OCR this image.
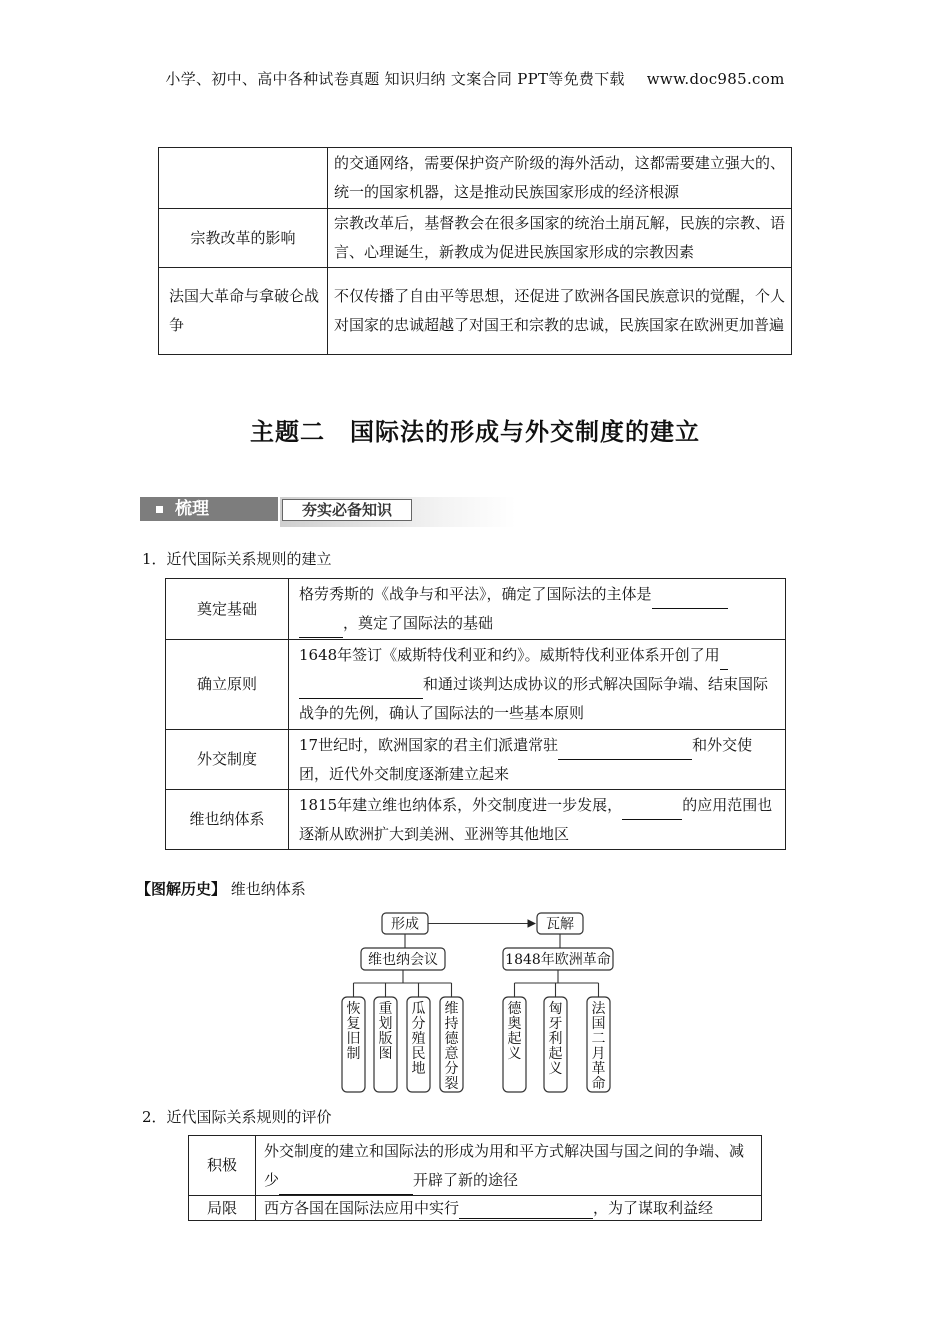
小学、初中、高中各种试卷真题 知识归纳 文案合同 PPT等免费下载 www.doc985.com
	的交通网络，需要保护资产阶级的海外活动，这都需要建立强大的、统一的国家机器，这是推动民族国家形成的经济根源
宗教改革的影响	宗教改革后，基督教会在很多国家的统治土崩瓦解，民族的宗教、语言、心理诞生，新教成为促进民族国家形成的宗教因素
法国大革命与拿破仑战争	不仅传播了自由平等思想，还促进了欧洲各国民族意识的觉醒，个人对国家的忠诚超越了对国王和宗教的忠诚，民族国家在欧洲更加普遍
主题二　国际法的形成与外交制度的建立
梳理	夯实必备知识
1．近代国际关系规则的建立
奠定基础	格劳秀斯的《战争与和平法》，确定了国际法的主体是
，奠定了国际法的基础
确立原则	1648年签订《威斯特伐利亚和约》。威斯特伐利亚体系开创了用
和通过谈判达成协议的形式解决国际争端、结束国际战争的先例，确认了国际法的一些基本原则
外交制度	17世纪时，欧洲国家的君主们派遣常驻 和外交使团，近代外交制度逐渐建立起来
维也纳体系	1815年建立维也纳体系，外交制度进一步发展， 的应用范围也逐渐从欧洲扩大到美洲、亚洲等其他地区
【图解历史】 维也纳体系
形成	瓦解
维也纳会议	1848年欧洲革命
恢复旧制
重划版图
瓜分殖民地
维持德意分裂
德奥起义
匈牙利起义
法国二月革命
2．近代国际关系规则的评价
积极	外交制度的建立和国际法的形成为用和平方式解决国与国之间的争端、减少 开辟了新的途径
局限	西方各国在国际法应用中实行 ，为了谋取利益经
